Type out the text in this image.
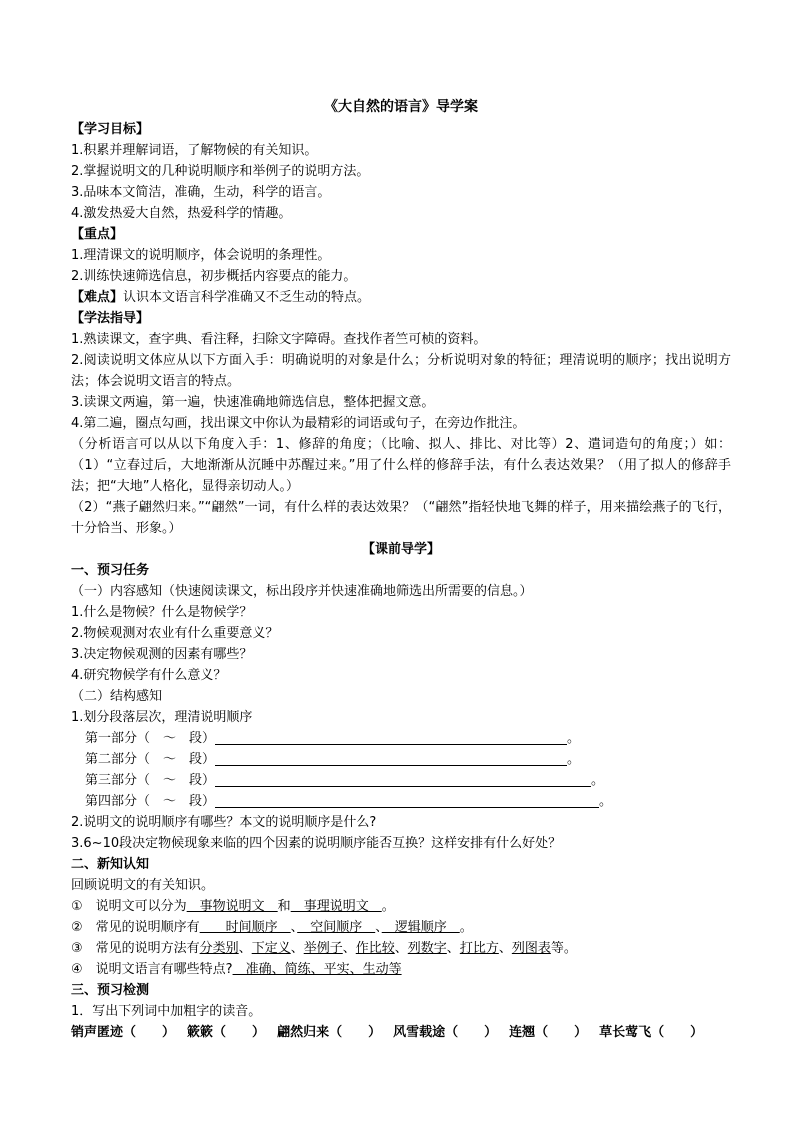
《大自然的语言》导学案
【学习目标】
1.积累并理解词语，了解物候的有关知识。
2.掌握说明文的几种说明顺序和举例子的说明方法。
3.品味本文简洁，准确，生动，科学的语言。
4.激发热爱大自然，热爱科学的情趣。
【重点】
1.理清课文的说明顺序，体会说明的条理性。
2.训练快速筛选信息，初步概括内容要点的能力。
【难点】认识本文语言科学准确又不乏生动的特点。
【学法指导】
1.熟读课文，查字典、看注释，扫除文字障碍。查找作者竺可桢的资料。
2.阅读说明文体应从以下方面入手：明确说明的对象是什么；分析说明对象的特征；理清说明的顺序；找出说明方法；体会说明文语言的特点。
3.读课文两遍，第一遍，快速准确地筛选信息，整体把握文意。
4.第二遍，圈点勾画，找出课文中你认为最精彩的词语或句子，在旁边作批注。
（分析语言可以从以下角度入手：1、修辞的角度；（比喻、拟人、排比、对比等）2、遣词造句的角度；）如：（1）“立春过后，大地渐渐从沉睡中苏醒过来。”用了什么样的修辞手法，有什么表达效果？（用了拟人的修辞手法；把“大地”人格化，显得亲切动人。）
（2）“燕子翩然归来。”“翩然”一词，有什么样的表达效果？（“翩然”指轻快地飞舞的样子，用来描绘燕子的飞行，十分恰当、形象。）
【课前导学】
一、预习任务
（一）内容感知（快速阅读课文，标出段序并快速准确地筛选出所需要的信息。）
1.什么是物候？什么是物候学？
2.物候观测对农业有什么重要意义？
3.决定物候观测的因素有哪些？
4.研究物候学有什么意义？
（二）结构感知
1.划分段落层次，理清说明顺序
第一部分（　～　段）	。
第二部分（　～　段）	。
第三部分（　～　段）	。
第四部分（　～　段）	。
2.说明文的说明顺序有哪些？本文的说明顺序是什么?
3.6~10段决定物候现象来临的四个因素的说明顺序能否互换？这样安排有什么好处？
二、新知认知
回顾说明文的有关知识。
①　说明文可以分为　事物说明文　和　事理说明文　。
②　常见的说明顺序有　　时间顺序　、　空间顺序　、　逻辑顺序　。
③　常见的说明方法有分类别、下定义、举例子、作比较、列数字、打比方、列图表等。
④　说明文语言有哪些特点?　准确、简练、平实、生动等
三、预习检测
1．写出下列词中加粗字的读音。
销声匿迹（　　） 簌簌（　　） 翩然归来（　　） 风雪载途（　　） 连翘（　　） 草长莺飞（　　）
